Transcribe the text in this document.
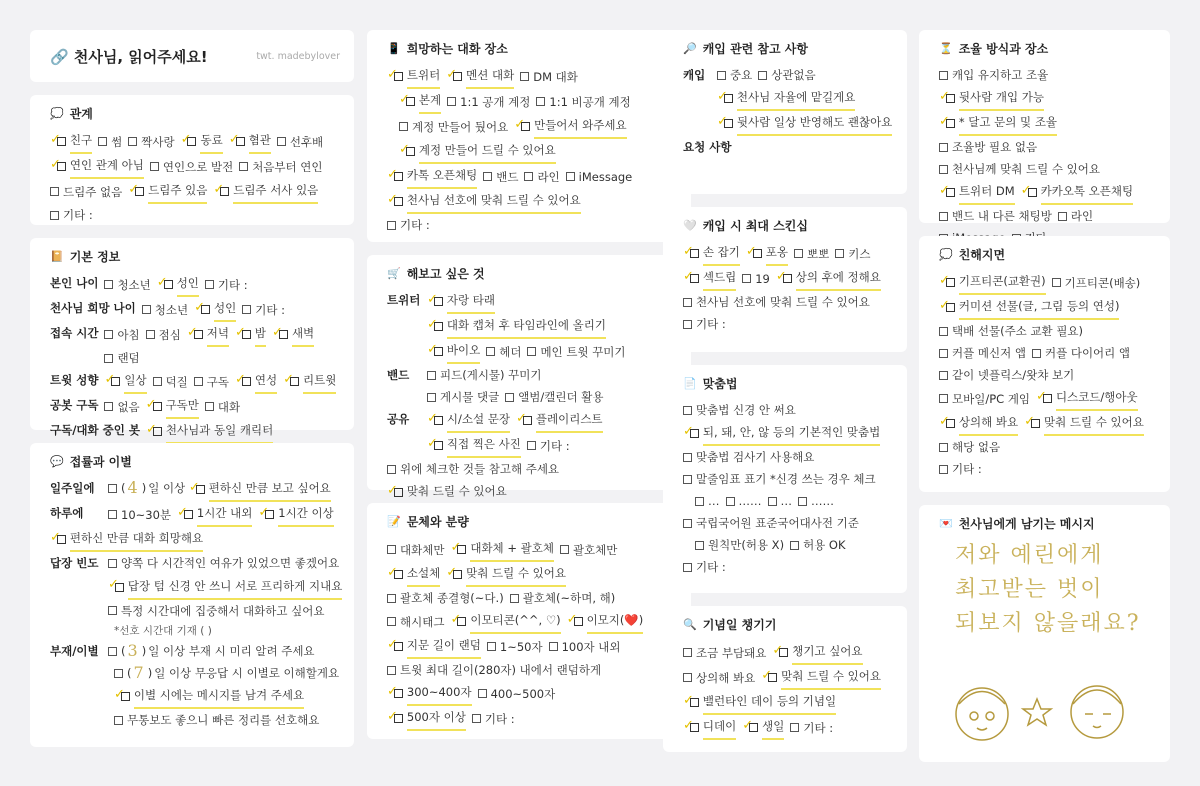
🔗 천사님, 읽어주세요!	twt. madebylover
💭 관계
✓ 친구 썸 짝사랑 ✓ 동료 ✓ 혐관 선후배
✓ 연인 관계 아님 연인으로 발전 처음부터 연인
드림주 없음 ✓ 드림주 있음 ✓ 드림주 서사 있음
기타 :
📔 기본 정보
본인 나이	청소년 ✓ 성인 기타 :
천사님 희망 나이	청소년 ✓ 성인 기타 :
접속 시간	아침 점심 ✓ 저녁 ✓ 밤 ✓ 새벽
랜덤
트윗 성향 ✓ 일상 덕질 구독 ✓ 연성 ✓ 리트윗
공봇 구독	없음 ✓ 구독만 대화
구독/대화 중인 봇 ✓ 천사님과 동일 캐릭터
💬 접률과 이별
일주일에	( 4 ) 일 이상
✓ 편하신 만큼 보고 싶어요
하루에	10~30분 ✓ 1시간 내외 ✓ 1시간 이상
✓ 편하신 만큼 대화 희망해요
답장 빈도	양쪽 다 시간적인 여유가 있었으면 좋겠어요
✓ 답장 텀 신경 안 쓰니 서로 프리하게 지내요
특정 시간대에 집중해서 대화하고 싶어요
*선호 시간대 기재 ( )
부재/이별	( 3 ) 일 이상 부재 시 미리 알려 주세요
( 7 ) 일 이상 무응답 시 이별로 이해할게요
✓ 이별 시에는 메시지를 남겨 주세요
무통보도 좋으니 빠른 정리를 선호해요
📱 희망하는 대화 장소
✓ 트위터 ✓ 멘션 대화 DM 대화
✓ 본계 1:1 공개 계정 1:1 비공개 계정
계정 만들어 뒀어요 ✓ 만들어서 와주세요
✓ 계정 만들어 드릴 수 있어요
✓ 카톡 오픈채팅 밴드 라인 iMessage
✓ 천사님 선호에 맞춰 드릴 수 있어요
기타 :
🛒 해보고 싶은 것
트위터 ✓ 자랑 타래
✓ 대화 캡쳐 후 타임라인에 올리기
✓ 바이오 헤더 메인 트윗 꾸미기
밴드	피드(게시물) 꾸미기
게시물 댓글 앨범/캘린더 활용
공유	✓ 시/소설 문장 ✓ 플레이리스트
✓ 직접 찍은 사진 기타 :
위에 체크한 것들 참고해 주세요
✓ 맞춰 드릴 수 있어요
📝 문체와 분량
대화체만 ✓ 대화체 + 괄호체 괄호체만
✓ 소설체 ✓ 맞춰 드릴 수 있어요
괄호체 종결형(~다.) 괄호체(~하며, 해)
해시태그 ✓ 이모티콘(^^, ♡) ✓ 이모지(❤️)
✓ 지문 길이 랜덤 1~50자 100자 내외
트윗 최대 길이(280자) 내에서 랜덤하게
✓ 300~400자 400~500자
✓ 500자 이상 기타 :
🔎 캐입 관련 참고 사항
캐입	중요 상관없음
✓ 천사님 자율에 맡길게요
✓ 뒷사람 일상 반영해도 괜찮아요
요청 사항
🤍 캐입 시 최대 스킨십
✓ 손 잡기 ✓ 포옹 뽀뽀 키스
✓ 섹드립 19 ✓ 상의 후에 정해요
천사님 선호에 맞춰 드릴 수 있어요
기타 :
📄 맞춤법
맞춤법 신경 안 써요
✓ 되, 돼, 안, 않 등의 기본적인 맞춤법
맞춤법 검사기 사용해요
말줄임표 표기 *신경 쓰는 경우 체크
… …… … ……
국립국어원 표준국어대사전 기준
원칙만(허용 X) 허용 OK
기타 :
🔍 기념일 챙기기
조금 부담돼요 ✓ 챙기고 싶어요
상의해 봐요 ✓ 맞춰 드릴 수 있어요
✓ 밸런타인 데이 등의 기념일
✓ 디데이 ✓ 생일 기타 :
⏳ 조율 방식과 장소
캐입 유지하고 조율
✓ 뒷사람 개입 가능
✓ * 달고 문의 및 조율
조율방 필요 없음
천사님께 맞춰 드릴 수 있어요
✓ 트위터 DM ✓ 카카오톡 오픈채팅
밴드 내 다른 채팅방 라인
💭 친해지면
✓ 기프티콘(교환권) 기프티콘(배송)
✓ 커미션 선물(글, 그림 등의 연성)
택배 선물(주소 교환 필요)
커플 메신저 앱 커플 다이어리 앱
같이 넷플릭스/왓챠 보기
모바일/PC 게임 ✓ 디스코드/행아웃
✓ 상의해 봐요 ✓ 맞춰 드릴 수 있어요
해당 없음
기타 :
💌 천사님에게 남기는 메시지
저와 예린에게
최고받는 벗이
되보지 않을래요?
